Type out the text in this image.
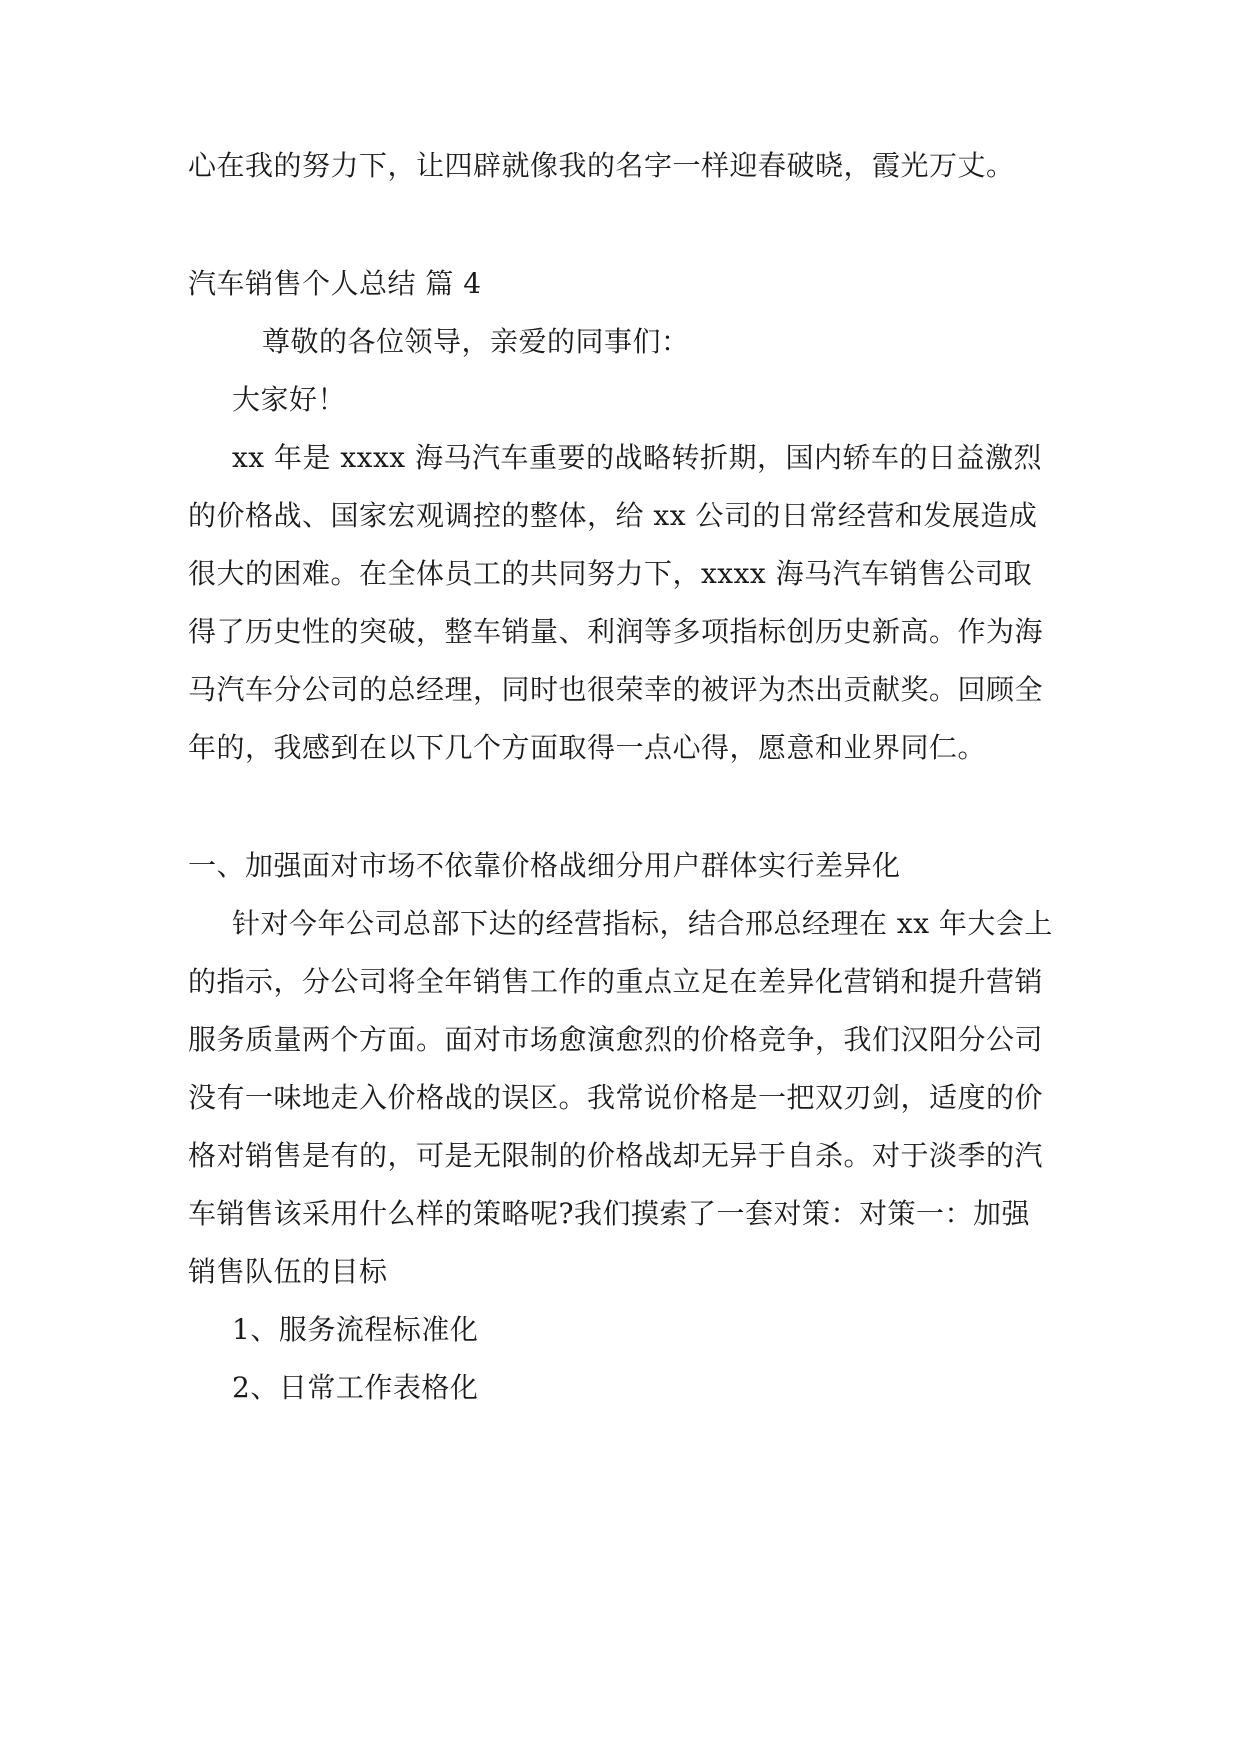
心在我的努力下，让四辟就像我的名字一样迎春破晓，霞光万丈。
汽车销售个人总结 篇 4
尊敬的各位领导，亲爱的同事们：
大家好！
xx 年是 xxxx 海马汽车重要的战略转折期，国内轿车的日益激烈
的价格战、国家宏观调控的整体，给 xx 公司的日常经营和发展造成
很大的困难。在全体员工的共同努力下，xxxx 海马汽车销售公司取
得了历史性的突破，整车销量、利润等多项指标创历史新高。作为海
马汽车分公司的总经理，同时也很荣幸的被评为杰出贡献奖。回顾全
年的，我感到在以下几个方面取得一点心得，愿意和业界同仁。
一、加强面对市场不依靠价格战细分用户群体实行差异化
针对今年公司总部下达的经营指标，结合邢总经理在 xx 年大会上
的指示，分公司将全年销售工作的重点立足在差异化营销和提升营销
服务质量两个方面。面对市场愈演愈烈的价格竞争，我们汉阳分公司
没有一味地走入价格战的误区。我常说价格是一把双刃剑，适度的价
格对销售是有的，可是无限制的价格战却无异于自杀。对于淡季的汽
车销售该采用什么样的策略呢?我们摸索了一套对策：对策一：加强
销售队伍的目标
1、服务流程标准化
2、日常工作表格化
